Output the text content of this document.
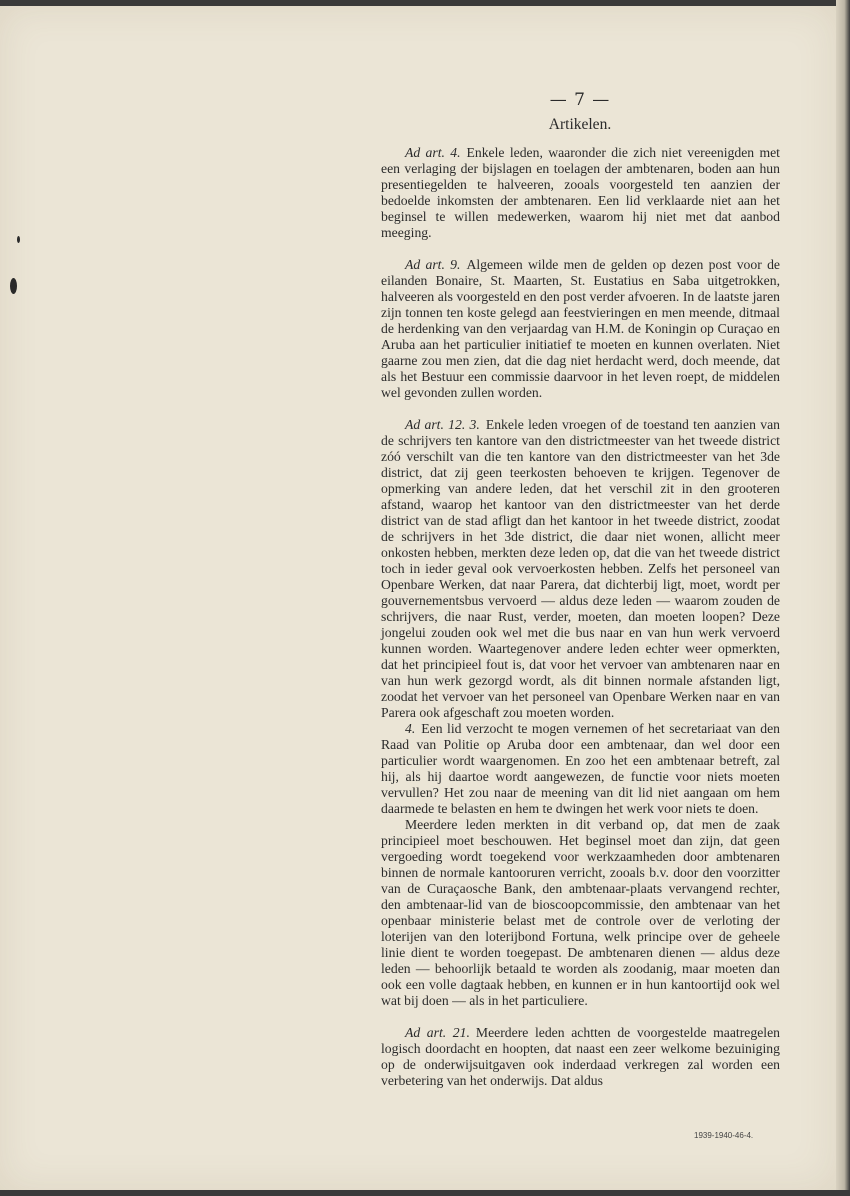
— 7 —
Artikelen.

Ad art. 4. Enkele leden, waaronder die zich niet vereenigden met een verlaging der bijslagen en toelagen der ambtenaren, boden aan hun presentiegelden te halveeren, zooals voorgesteld ten aanzien der bedoelde inkomsten der ambtenaren. Een lid verklaarde niet aan het beginsel te willen medewerken, waarom hij niet met dat aanbod meeging.

Ad art. 9. Algemeen wilde men de gelden op dezen post voor de eilanden Bonaire, St. Maarten, St. Eustatius en Saba uitgetrokken, halveeren als voorgesteld en den post verder afvoeren. In de laatste jaren zijn tonnen ten koste gelegd aan feestvieringen en men meende, ditmaal de herdenking van den verjaardag van H.M. de Koningin op Curaçao en Aruba aan het particulier initiatief te moeten en kunnen overlaten. Niet gaarne zou men zien, dat die dag niet herdacht werd, doch meende, dat als het Bestuur een commissie daarvoor in het leven roept, de middelen wel gevonden zullen worden.

Ad art. 12. 3. Enkele leden vroegen of de toestand ten aanzien van de schrijvers ten kantore van den districtmeester van het tweede district zóó verschilt van die ten kantore van den districtmeester van het 3de district, dat zij geen teerkosten behoeven te krijgen. Tegenover de opmerking van andere leden, dat het verschil zit in den grooteren afstand, waarop het kantoor van den districtmeester van het derde district van de stad afligt dan het kantoor in het tweede district, zoodat de schrijvers in het 3de district, die daar niet wonen, allicht meer onkosten hebben, merkten deze leden op, dat die van het tweede district toch in ieder geval ook vervoerkosten hebben. Zelfs het personeel van Openbare Werken, dat naar Parera, dat dichterbij ligt, moet, wordt per gouvernementsbus vervoerd — aldus deze leden — waarom zouden de schrijvers, die naar Rust, verder, moeten, dan moeten loopen? Deze jongelui zouden ook wel met die bus naar en van hun werk vervoerd kunnen worden. Waartegenover andere leden echter weer opmerkten, dat het principieel fout is, dat voor het vervoer van ambtenaren naar en van hun werk gezorgd wordt, als dit binnen normale afstanden ligt, zoodat het vervoer van het personeel van Openbare Werken naar en van Parera ook afgeschaft zou moeten worden.

4. Een lid verzocht te mogen vernemen of het secretariaat van den Raad van Politie op Aruba door een ambtenaar, dan wel door een particulier wordt waargenomen. En zoo het een ambtenaar betreft, zal hij, als hij daartoe wordt aangewezen, de functie voor niets moeten vervullen? Het zou naar de meening van dit lid niet aangaan om hem daarmede te belasten en hem te dwingen het werk voor niets te doen.

Meerdere leden merkten in dit verband op, dat men de zaak principieel moet beschouwen. Het beginsel moet dan zijn, dat geen vergoeding wordt toegekend voor werkzaamheden door ambtenaren binnen de normale kantooruren verricht, zooals b.v. door den voorzitter van de Curaçaosche Bank, den ambtenaar-plaats vervangend rechter, den ambtenaar-lid van de bioscoopcommissie, den ambtenaar van het openbaar ministerie belast met de controle over de verloting der loterijen van den loterijbond Fortuna, welk principe over de geheele linie dient te worden toegepast. De ambtenaren dienen — aldus deze leden — behoorlijk betaald te worden als zoodanig, maar moeten dan ook een volle dagtaak hebben, en kunnen er in hun kantoortijd ook wel wat bij doen — als in het particuliere.

Ad art. 21. Meerdere leden achtten de voorgestelde maatregelen logisch doordacht en hoopten, dat naast een zeer welkome bezuiniging op de onderwijsuitgaven ook inderdaad verkregen zal worden een verbetering van het onderwijs. Dat aldus

1939-1940-46-4.
